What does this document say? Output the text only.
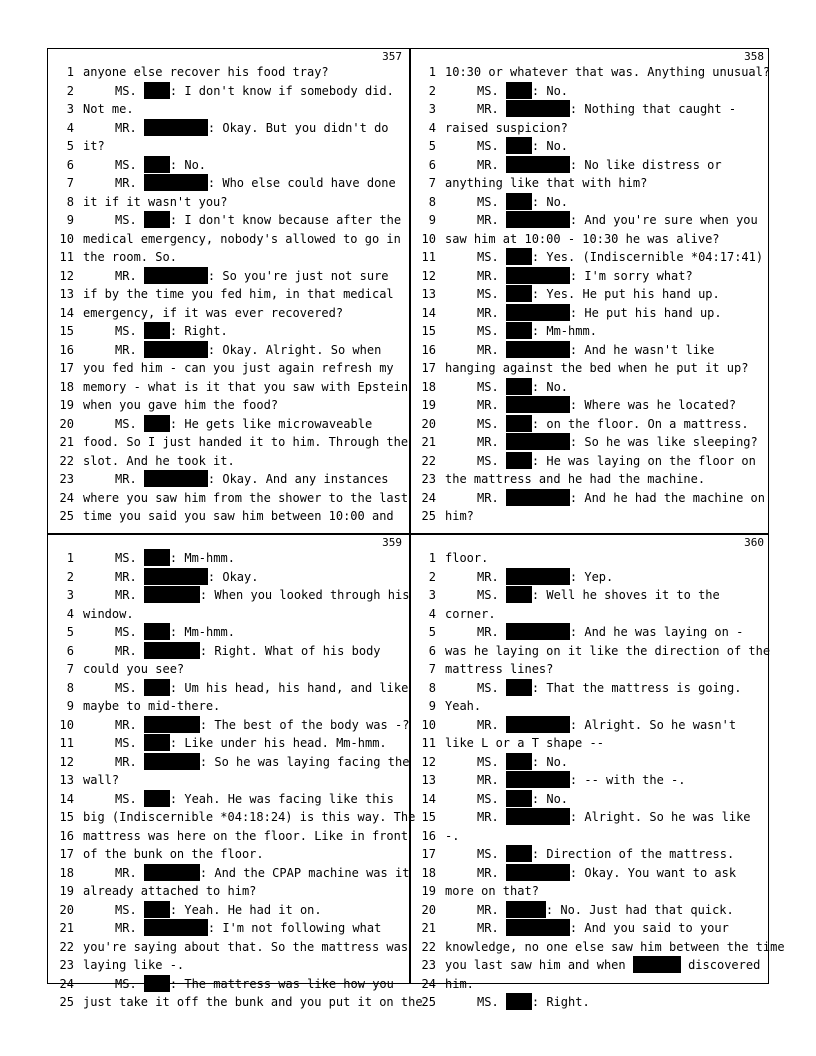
357
1 anyone else recover his food tray?
2	MS. : I don't know if somebody did.
3 Not me.
4	MR.	: Okay. But you didn't do
5 it?
6	MS. : No.
7	MR.	: Who else could have done
8 it if it wasn't you?
9	MS. : I don't know because after the
10 medical emergency, nobody's allowed to go in
11 the room. So.
12	MR.	: So you're just not sure
13 if by the time you fed him, in that medical
14 emergency, if it was ever recovered?
15	MS. : Right.
16	MR.	: Okay. Alright. So when
17 you fed him - can you just again refresh my
18 memory - what is it that you saw with Epstein
19 when you gave him the food?
20	MS. : He gets like microwaveable
21 food. So I just handed it to him. Through the
22 slot. And he took it.
23	MR.	: Okay. And any instances
24 where you saw him from the shower to the last
25 time you said you saw him between 10:00 and
358
1 10:30 or whatever that was. Anything unusual?
2	MS. : No.
3	MR.	: Nothing that caught -
4 raised suspicion?
5	MS. : No.
6	MR.	: No like distress or
7 anything like that with him?
8	MS. : No.
9	MR.	: And you're sure when you
10 saw him at 10:00 - 10:30 he was alive?
11	MS. : Yes. (Indiscernible *04:17:41)
12	MR.	: I'm sorry what?
13	MS. : Yes. He put his hand up.
14	MR.	: He put his hand up.
15	MS. : Mm-hmm.
16	MR.	: And he wasn't like
17 hanging against the bed when he put it up?
18	MS. : No.
19	MR.	: Where was he located?
20	MS. : on the floor. On a mattress.
21	MR.	: So he was like sleeping?
22	MS. : He was laying on the floor on
23 the mattress and he had the machine.
24	MR.	: And he had the machine on
25 him?
359
1	MS. : Mm-hmm.
2	MR.	: Okay.
3	MR.	: When you looked through his
4 window.
5	MS. : Mm-hmm.
6	MR.	: Right. What of his body
7 could you see?
8	MS. : Um his head, his hand, and like
9 maybe to mid-there.
10	MR.	: The best of the body was -?
11	MS. : Like under his head. Mm-hmm.
12	MR.	: So he was laying facing the
13 wall?
14	MS. : Yeah. He was facing like this
15 big (Indiscernible *04:18:24) is this way. The
16 mattress was here on the floor. Like in front
17 of the bunk on the floor.
18	MR.	: And the CPAP machine was it
19 already attached to him?
20	MS. : Yeah. He had it on.
21	MR.	: I'm not following what
22 you're saying about that. So the mattress was
23 laying like -.
24	MS. : The mattress was like how you
25 just take it off the bunk and you put it on the
360
1 floor.
2	MR.	: Yep.
3	MS. : Well he shoves it to the
4 corner.
5	MR.	: And he was laying on -
6 was he laying on it like the direction of the
7 mattress lines?
8	MS. : That the mattress is going.
9 Yeah.
10	MR.	: Alright. So he wasn't
11 like L or a T shape --
12	MS. : No.
13	MR.	: -- with the -.
14	MS. : No.
15	MR.	: Alright. So he was like
16 -.
17	MS. : Direction of the mattress.
18	MR.	: Okay. You want to ask
19 more on that?
20	MR.	: No. Just had that quick.
21	MR.	: And you said to your
22 knowledge, no one else saw him between the time
23 you last saw him and when	discovered
24 him.
25	MS. : Right.
